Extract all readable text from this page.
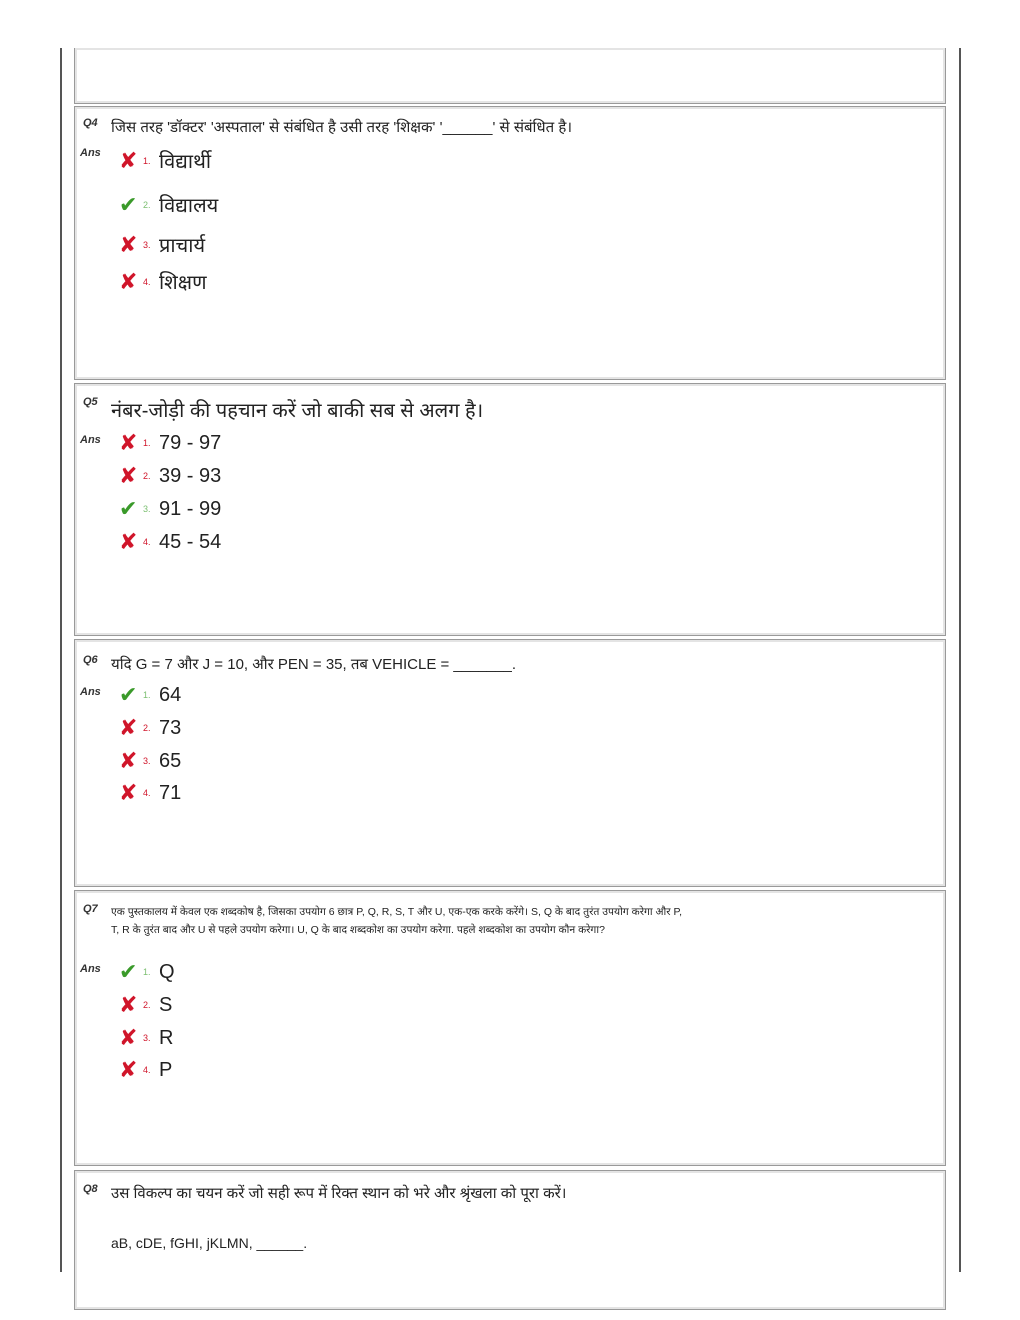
Q4 जिस तरह 'डॉक्टर' 'अस्पताल' से संबंधित है उसी तरह 'शिक्षक' '______' से संबंधित है।
Ans ✘ 1. विद्यार्थी
✔ 2. विद्यालय
✘ 3. प्राचार्य
✘ 4. शिक्षण
Q5 नंबर-जोड़ी की पहचान करें जो बाकी सब से अलग है।
Ans ✘ 1. 79 - 97
✘ 2. 39 - 93
✔ 3. 91 - 99
✘ 4. 45 - 54
Q6 यदि G = 7 और J = 10, और PEN = 35, तब VEHICLE = _______.
Ans ✔ 1. 64
✘ 2. 73
✘ 3. 65
✘ 4. 71
Q7 एक पुस्तकालय में केवल एक शब्दकोष है, जिसका उपयोग 6 छात्र P, Q, R, S, T और U, एक-एक करके करेंगे। S, Q के बाद तुरंत उपयोग करेगा और P, T, R के तुरंत बाद और U से पहले उपयोग करेगा। U, Q के बाद शब्दकोश का उपयोग करेगा. पहले शब्दकोश का उपयोग कौन करेगा?
Ans ✔ 1. Q
✘ 2. S
✘ 3. R
✘ 4. P
Q8 उस विकल्प का चयन करें जो सही रूप में रिक्त स्थान को भरे और श्रृंखला को पूरा करें।
aB, cDE, fGHI, jKLMN, ______.
